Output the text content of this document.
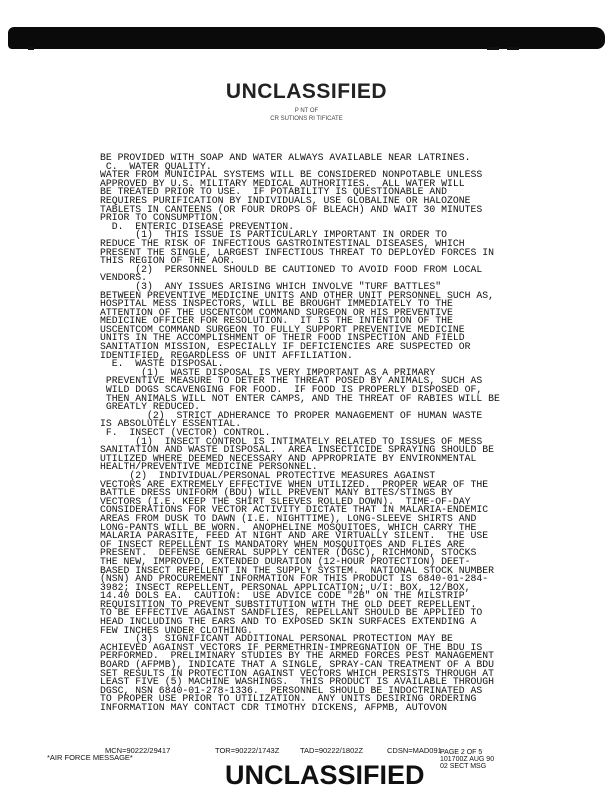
UNCLASSIFIED
P NT OF
CR SUTIONS RI TIFICATE
BE PROVIDED WITH SOAP AND WATER ALWAYS AVAILABLE NEAR LATRINES.
C.  WATER QUALITY.
WATER FROM MUNICIPAL SYSTEMS WILL BE CONSIDERED NONPOTABLE UNLESS
APPROVED BY U.S. MILITARY MEDICAL AUTHORITIES.  ALL WATER WILL
BE TREATED PRIOR TO USE.  IF POTABILITY IS QUESTIONABLE AND
REQUIRES PURIFICATION BY INDIVIDUALS, USE GLOBALINE OR HALOZONE
TABLETS IN CANTEENS (OR FOUR DROPS OF BLEACH) AND WAIT 30 MINUTES
PRIOR TO CONSUMPTION.
D.  ENTERIC DISEASE PREVENTION.
(1)  THIS ISSUE IS PARTICULARLY IMPORTANT IN ORDER TO
REDUCE THE RISK OF INFECTIOUS GASTROINTESTINAL DISEASES, WHICH
PRESENT THE SINGLE, LARGEST INFECTIOUS THREAT TO DEPLOYED FORCES IN
THIS REGION OF THE AOR.
(2)  PERSONNEL SHOULD BE CAUTIONED TO AVOID FOOD FROM LOCAL
VENDORS.
(3)  ANY ISSUES ARISING WHICH INVOLVE "TURF BATTLES"
BETWEEN PREVENTIVE MEDICINE UNITS AND OTHER UNIT PERSONNEL SUCH AS,
HOSPITAL MESS INSPECTORS, WILL BE BROUGHT IMMEDIATELY TO THE
ATTENTION OF THE USCENTCOM COMMAND SURGEON OR HIS PREVENTIVE
MEDICINE OFFICER FOR RESOLUTION.  IT IS THE INTENTION OF THE
USCENTCOM COMMAND SURGEON TO FULLY SUPPORT PREVENTIVE MEDICINE
UNITS IN THE ACCOMPLISHMENT OF THEIR FOOD INSPECTION AND FIELD
SANITATION MISSION, ESPECIALLY IF DEFICIENCIES ARE SUSPECTED OR
IDENTIFIED, REGARDLESS OF UNIT AFFILIATION.
E.  WASTE DISPOSAL.
(1)  WASTE DISPOSAL IS VERY IMPORTANT AS A PRIMARY
PREVENTIVE MEASURE TO DETER THE THREAT POSED BY ANIMALS, SUCH AS
WILD DOGS SCAVENGING FOR FOOD.  IF FOOD IS PROPERLY DISPOSED OF,
THEN ANIMALS WILL NOT ENTER CAMPS, AND THE THREAT OF RABIES WILL BE
GREATLY REDUCED.
(2)  STRICT ADHERANCE TO PROPER MANAGEMENT OF HUMAN WASTE
IS ABSOLUTELY ESSENTIAL.
F.  INSECT (VECTOR) CONTROL.
(1)  INSECT CONTROL IS INTIMATELY RELATED TO ISSUES OF MESS
SANITATION AND WASTE DISPOSAL.  AREA INSECTICIDE SPRAYING SHOULD BE
UTILIZED WHERE DEEMED NECESSARY AND APPROPRIATE BY ENVIRONMENTAL
HEALTH/PREVENTIVE MEDICINE PERSONNEL.
(2)  INDIVIDUAL/PERSONAL PROTECTIVE MEASURES AGAINST
VECTORS ARE EXTREMELY EFFECTIVE WHEN UTILIZED.  PROPER WEAR OF THE
BATTLE DRESS UNIFORM (BDU) WILL PREVENT MANY BITES/STINGS BY
VECTORS (I.E. KEEP THE SHIRT SLEEVES ROLLED DOWN).  TIME-OF-DAY
CONSIDERATIONS FOR VECTOR ACTIVITY DICTATE THAT IN MALARIA-ENDEMIC
AREAS FROM DUSK TO DAWN (I.E. NIGHTTIME), LONG-SLEEVE SHIRTS AND
LONG-PANTS WILL BE WORN.  ANOPHELINE MOSQUITOES, WHICH CARRY THE
MALARIA PARASITE, FEED AT NIGHT AND ARE VIRTUALLY SILENT.  THE USE
OF INSECT REPELLENT IS MANDATORY WHEN MOSQUITOES AND FLIES ARE
PRESENT.  DEFENSE GENERAL SUPPLY CENTER (DGSC), RICHMOND, STOCKS
THE NEW, IMPROVED, EXTENDED DURATION (12-HOUR PROTECTION) DEET-
BASED INSECT REPELLENT IN THE SUPPLY SYSTEM.  NATIONAL STOCK NUMBER
(NSN) AND PROCUREMENT INFORMATION FOR THIS PRODUCT IS 6840-01-284-
3982; INSECT REPELLENT, PERSONAL APPLICATION; U/I: BOX, 12/BOX,
14.40 DOLS EA.  CAUTION:  USE ADVICE CODE "2B" ON THE MILSTRIP
REQUISITION TO PREVENT SUBSTITUTION WITH THE OLD DEET REPELLENT.
TO BE EFFECTIVE AGAINST SANDFLIES, REPELLANT SHOULD BE APPLIED TO
HEAD INCLUDING THE EARS AND TO EXPOSED SKIN SURFACES EXTENDING A
FEW INCHES UNDER CLOTHING.
(3)  SIGNIFICANT ADDITIONAL PERSONAL PROTECTION MAY BE
ACHIEVED AGAINST VECTORS IF PERMETHRIN-IMPREGNATION OF THE BDU IS
PERFORMED.  PRELIMINARY STUDIES BY THE ARMED FORCES PEST MANAGEMENT
BOARD (AFPMB), INDICATE THAT A SINGLE, SPRAY-CAN TREATMENT OF A BDU
SET RESULTS IN PROTECTION AGAINST VECTORS WHICH PERSISTS THROUGH AT
LEAST FIVE (5) MACHINE WASHINGS.  THIS PRODUCT IS AVAILABLE THROUGH
DGSC, NSN 6840-01-278-1336.  PERSONNEL SHOULD BE INDOCTRINATED AS
TO PROPER USE PRIOR TO UTILIZATION.  ANY UNITS DESIRING ORDERING
INFORMATION MAY CONTACT CDR TIMOTHY DICKENS, AFPMB, AUTOVON
*AIR FORCE MESSAGE*
MCN=90222/29417	TOR=90222/1743Z	TAD=90222/1802Z	CDSN=MAD091
PAGE 2 OF 5
101700Z AUG 90
02 SECT MSG
UNCLASSIFIED
